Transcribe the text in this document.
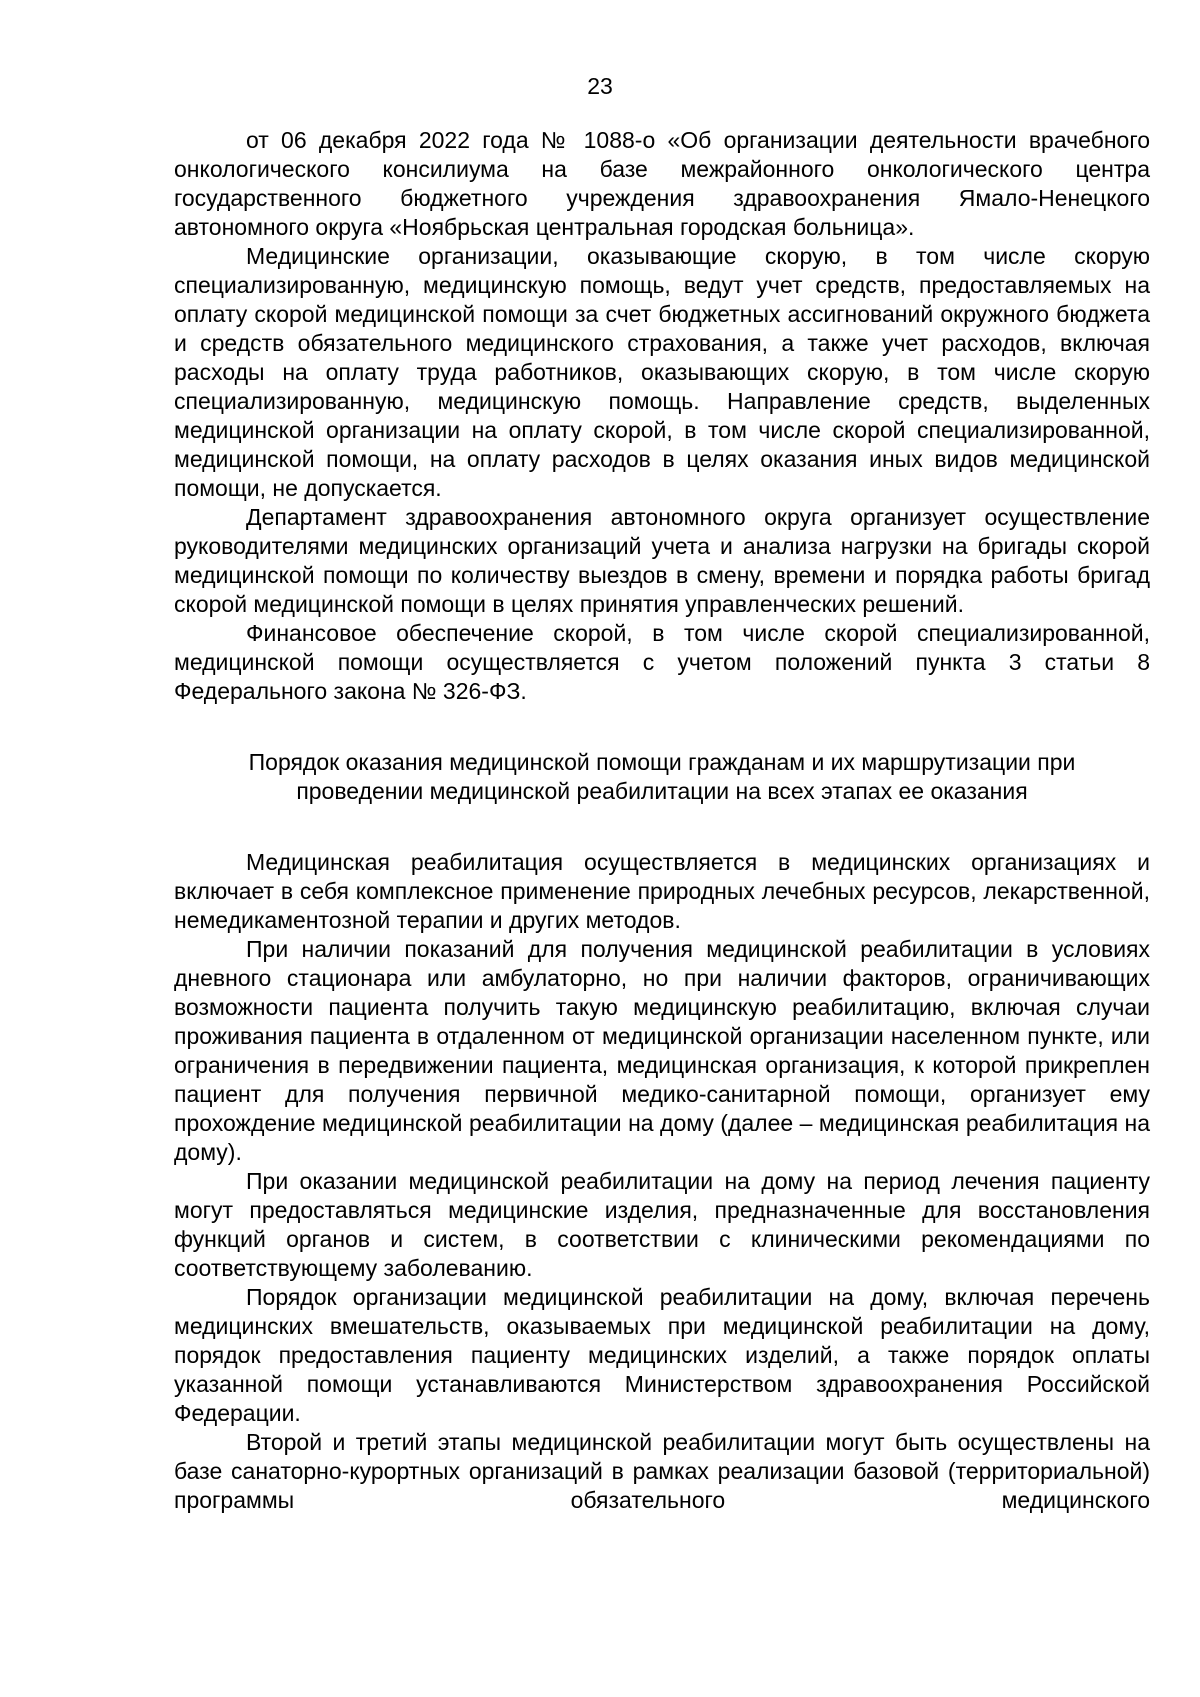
23

от 06 декабря 2022 года № 1088-о «Об организации деятельности врачебного онкологического консилиума на базе межрайонного онкологического центра государственного бюджетного учреждения здравоохранения Ямало-Ненецкого автономного округа «Ноябрьская центральная городская больница».

Медицинские организации, оказывающие скорую, в том числе скорую специализированную, медицинскую помощь, ведут учет средств, предоставляемых на оплату скорой медицинской помощи за счет бюджетных ассигнований окружного бюджета и средств обязательного медицинского страхования, а также учет расходов, включая расходы на оплату труда работников, оказывающих скорую, в том числе скорую специализированную, медицинскую помощь. Направление средств, выделенных медицинской организации на оплату скорой, в том числе скорой специализированной, медицинской помощи, на оплату расходов в целях оказания иных видов медицинской помощи, не допускается.

Департамент здравоохранения автономного округа организует осуществление руководителями медицинских организаций учета и анализа нагрузки на бригады скорой медицинской помощи по количеству выездов в смену, времени и порядка работы бригад скорой медицинской помощи в целях принятия управленческих решений.

Финансовое обеспечение скорой, в том числе скорой специализированной, медицинской помощи осуществляется с учетом положений пункта 3 статьи 8 Федерального закона № 326-ФЗ.

Порядок оказания медицинской помощи гражданам и их маршрутизации при
проведении медицинской реабилитации на всех этапах ее оказания

Медицинская реабилитация осуществляется в медицинских организациях и включает в себя комплексное применение природных лечебных ресурсов, лекарственной, немедикаментозной терапии и других методов.

При наличии показаний для получения медицинской реабилитации в условиях дневного стационара или амбулаторно, но при наличии факторов, ограничивающих возможности пациента получить такую медицинскую реабилитацию, включая случаи проживания пациента в отдаленном от медицинской организации населенном пункте, или ограничения в передвижении пациента, медицинская организация, к которой прикреплен пациент для получения первичной медико-санитарной помощи, организует ему прохождение медицинской реабилитации на дому (далее – медицинская реабилитация на дому).

При оказании медицинской реабилитации на дому на период лечения пациенту могут предоставляться медицинские изделия, предназначенные для восстановления функций органов и систем, в соответствии с клиническими рекомендациями по соответствующему заболеванию.

Порядок организации медицинской реабилитации на дому, включая перечень медицинских вмешательств, оказываемых при медицинской реабилитации на дому, порядок предоставления пациенту медицинских изделий, а также порядок оплаты указанной помощи устанавливаются Министерством здравоохранения Российской Федерации.

Второй и третий этапы медицинской реабилитации могут быть осуществлены на базе санаторно-курортных организаций в рамках реализации базовой (территориальной) программы обязательного медицинского
